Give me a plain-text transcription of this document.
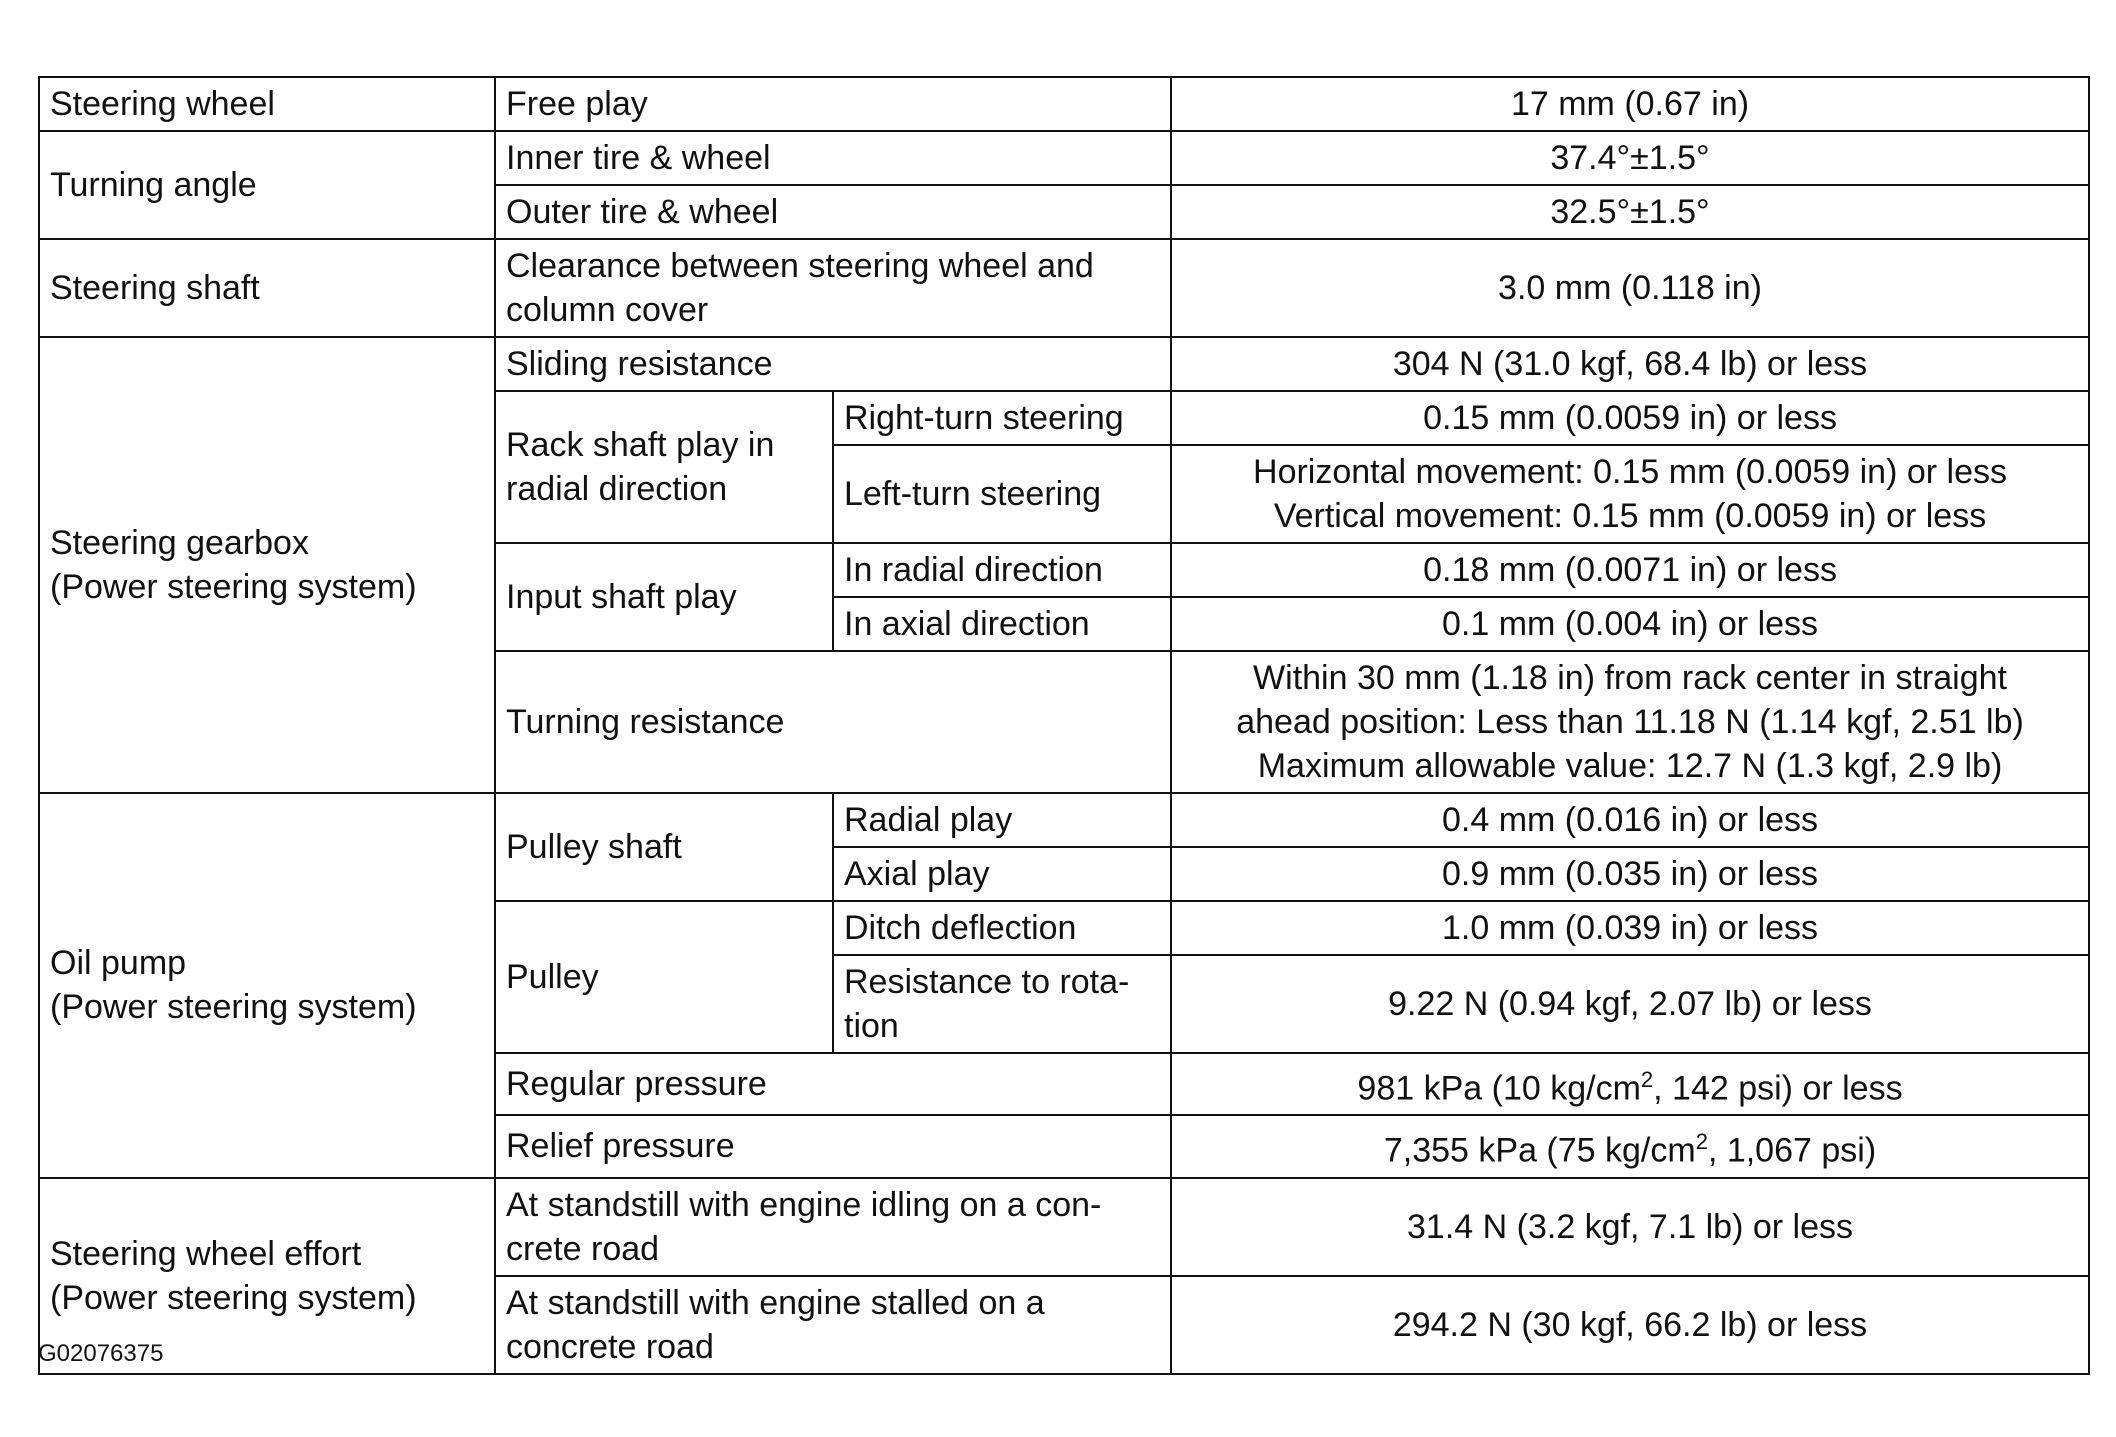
Steering wheel	Free play		17 mm (0.67 in)
Turning angle	Inner tire & wheel		37.4°±1.5°
	Outer tire & wheel		32.5°±1.5°
Steering shaft	Clearance between steering wheel and
column cover		3.0 mm (0.118 in)
Steering gearbox
(Power steering system)	Sliding resistance		304 N (31.0 kgf, 68.4 lb) or less
	Rack shaft play in
radial direction	Right-turn steering	0.15 mm (0.0059 in) or less
		Left-turn steering	Horizontal movement: 0.15 mm (0.0059 in) or less
Vertical movement: 0.15 mm (0.0059 in) or less
	Input shaft play	In radial direction	0.18 mm (0.0071 in) or less
		In axial direction	0.1 mm (0.004 in) or less
	Turning resistance		Within 30 mm (1.18 in) from rack center in straight
ahead position: Less than 11.18 N (1.14 kgf, 2.51 lb)
Maximum allowable value: 12.7 N (1.3 kgf, 2.9 lb)
Oil pump
(Power steering system)	Pulley shaft	Radial play	0.4 mm (0.016 in) or less
		Axial play	0.9 mm (0.035 in) or less
	Pulley	Ditch deflection	1.0 mm (0.039 in) or less
		Resistance to rota-
tion	9.22 N (0.94 kgf, 2.07 lb) or less
	Regular pressure		981 kPa (10 $kg/cm^2$, 142 psi) or less
	Relief pressure		7,355 kPa (75 $kg/cm^2$, 1,067 psi)
Steering wheel effort
(Power steering system)	At standstill with engine idling on a con-
crete road		31.4 N (3.2 kgf, 7.1 lb) or less
	At standstill with engine stalled on a
concrete road		294.2 N (30 kgf, 66.2 lb) or less
G02076375
